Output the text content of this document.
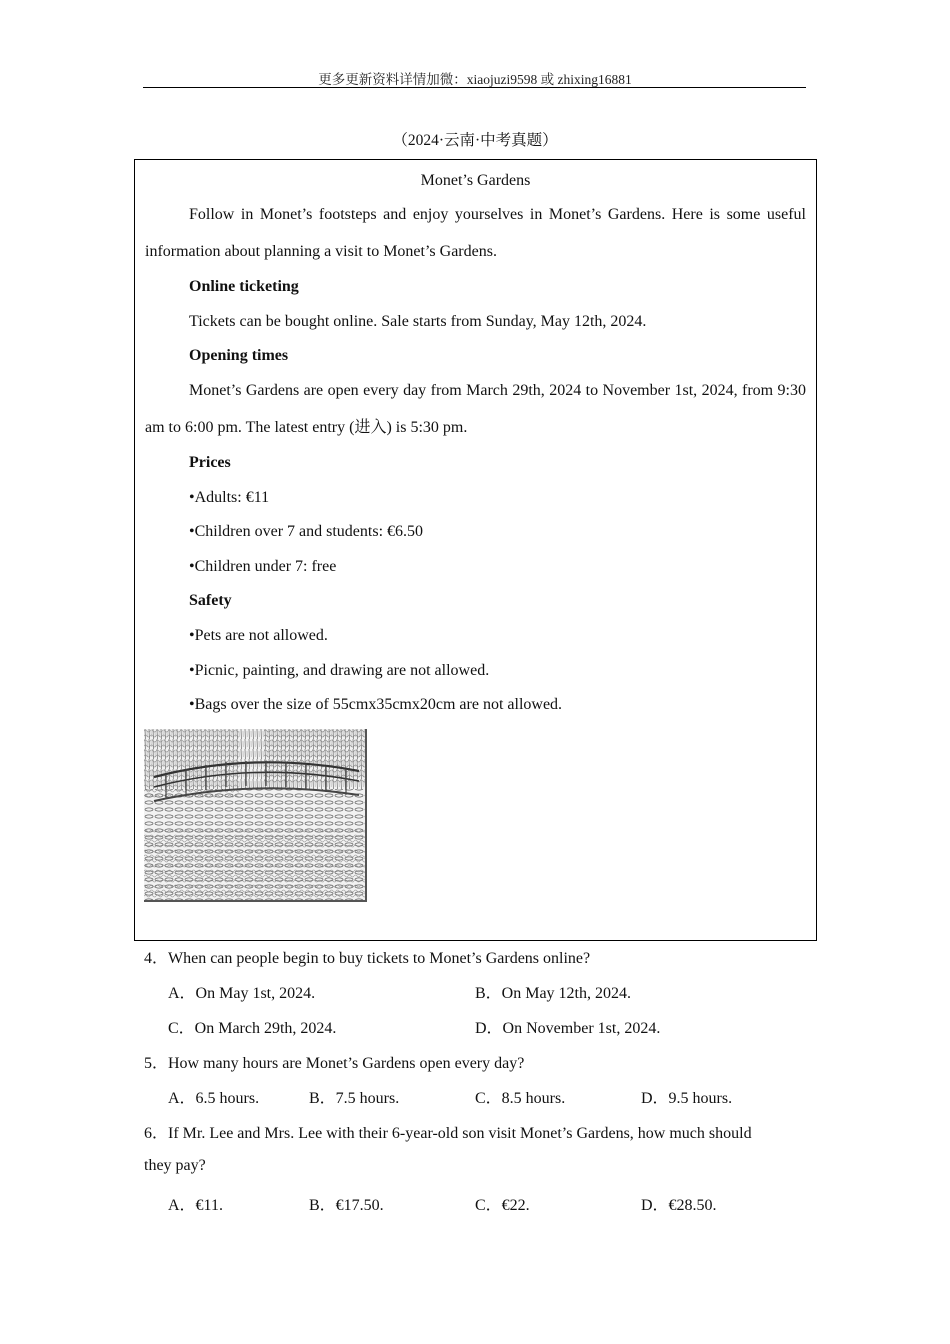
更多更新资料详情加微：xiaojuzi9598 或 zhixing16881
（2024·云南·中考真题）
Monet’s Gardens
Follow in Monet’s footsteps and enjoy yourselves in Monet’s Gardens. Here is some useful information about planning a visit to Monet’s Gardens.
Online ticketing
Tickets can be bought online. Sale starts from Sunday, May 12th, 2024.
Opening times
Monet’s Gardens are open every day from March 29th, 2024 to November 1st, 2024, from 9:30 am to 6:00 pm. The latest entry (进入) is 5:30 pm.
Prices
•Adults: €11
•Children over 7 and students: €6.50
•Children under 7: free
Safety
•Pets are not allowed.
•Picnic, painting, and drawing are not allowed.
•Bags over the size of 55cmx35cmx20cm are not allowed.
4．When can people begin to buy tickets to Monet’s Gardens online?
A．On May 1st, 2024.	B．On May 12th, 2024.
C．On March 29th, 2024.	D．On November 1st, 2024.
5．How many hours are Monet’s Gardens open every day?
A．6.5 hours.	B．7.5 hours.	C．8.5 hours.	D．9.5 hours.
6．If Mr. Lee and Mrs. Lee with their 6-year-old son visit Monet’s Gardens, how much should
they pay?
A．€11.	B．€17.50.	C．€22.	D．€28.50.
